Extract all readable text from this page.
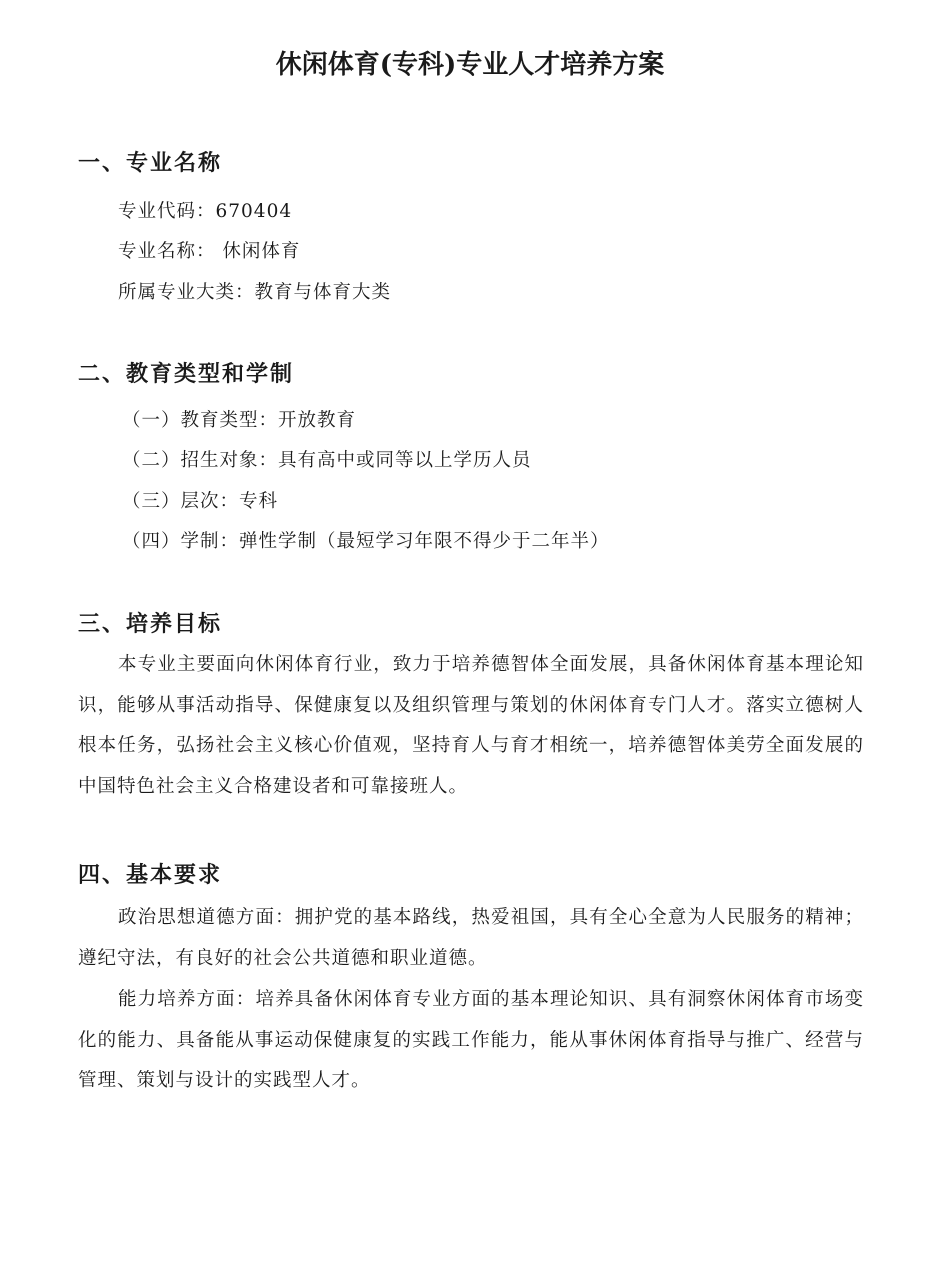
休闲体育(专科)专业人才培养方案
一、专业名称

专业代码：670404

专业名称： 休闲体育

所属专业大类：教育与体育大类

二、教育类型和学制

（一）教育类型：开放教育

（二）招生对象：具有高中或同等以上学历人员

（三）层次：专科

（四）学制：弹性学制（最短学习年限不得少于二年半）

三、培养目标

本专业主要面向休闲体育行业，致力于培养德智体全面发展，具备休闲体育基本理论知识，能够从事活动指导、保健康复以及组织管理与策划的休闲体育专门人才。落实立德树人根本任务，弘扬社会主义核心价值观，坚持育人与育才相统一，培养德智体美劳全面发展的中国特色社会主义合格建设者和可靠接班人。

四、基本要求

政治思想道德方面：拥护党的基本路线，热爱祖国，具有全心全意为人民服务的精神；遵纪守法，有良好的社会公共道德和职业道德。

能力培养方面：培养具备休闲体育专业方面的基本理论知识、具有洞察休闲体育市场变化的能力、具备能从事运动保健康复的实践工作能力，能从事休闲体育指导与推广、经营与管理、策划与设计的实践型人才。
